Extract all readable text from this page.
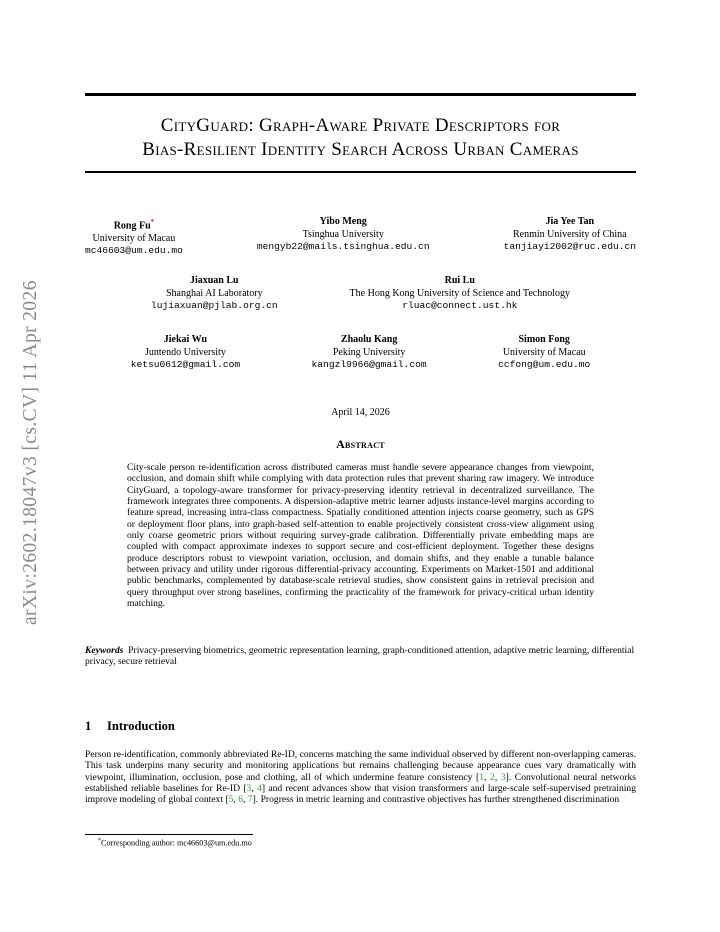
arXiv:2602.18047v3 [cs.CV] 11 Apr 2026
CityGuard: Graph-Aware Private Descriptors for
Bias-Resilient Identity Search Across Urban Cameras
Rong Fu*
University of Macau
mc46603@um.edu.mo
Yibo Meng
Tsinghua University
mengyb22@mails.tsinghua.edu.cn
Jia Yee Tan
Renmin University of China
tanjiayi2002@ruc.edu.cn
Jiaxuan Lu
Shanghai AI Laboratory
lujiaxuan@pjlab.org.cn
Rui Lu
The Hong Kong University of Science and Technology
rluac@connect.ust.hk
Jiekai Wu
Juntendo University
ketsu0612@gmail.com
Zhaolu Kang
Peking University
kangzl9966@gmail.com
Simon Fong
University of Macau
ccfong@um.edu.mo
April 14, 2026
Abstract
City-scale person re-identification across distributed cameras must handle severe appearance changes from viewpoint, occlusion, and domain shift while complying with data protection rules that prevent sharing raw imagery. We introduce CityGuard, a topology-aware transformer for privacy-preserving identity retrieval in decentralized surveillance. The framework integrates three components. A dispersion-adaptive metric learner adjusts instance-level margins according to feature spread, increasing intra-class compactness. Spatially conditioned attention injects coarse geometry, such as GPS or deployment floor plans, into graph-based self-attention to enable projectively consistent cross-view alignment using only coarse geometric priors without requiring survey-grade calibration. Differentially private embedding maps are coupled with compact approximate indexes to support secure and cost-efficient deployment. Together these designs produce descriptors robust to viewpoint variation, occlusion, and domain shifts, and they enable a tunable balance between privacy and utility under rigorous differential-privacy accounting. Experiments on Market-1501 and additional public benchmarks, complemented by database-scale retrieval studies, show consistent gains in retrieval precision and query throughput over strong baselines, confirming the practicality of the framework for privacy-critical urban identity matching.
Keywords Privacy-preserving biometrics, geometric representation learning, graph-conditioned attention, adaptive metric learning, differential privacy, secure retrieval
1 Introduction
Person re-identification, commonly abbreviated Re-ID, concerns matching the same individual observed by different non-overlapping cameras. This task underpins many security and monitoring applications but remains challenging because appearance cues vary dramatically with viewpoint, illumination, occlusion, pose and clothing, all of which undermine feature consistency [1, 2, 3]. Convolutional neural networks established reliable baselines for Re-ID [3, 4] and recent advances show that vision transformers and large-scale self-supervised pretraining improve modeling of global context [5, 6, 7]. Progress in metric learning and contrastive objectives has further strengthened discrimination
*Corresponding author: mc46603@um.edu.mo
